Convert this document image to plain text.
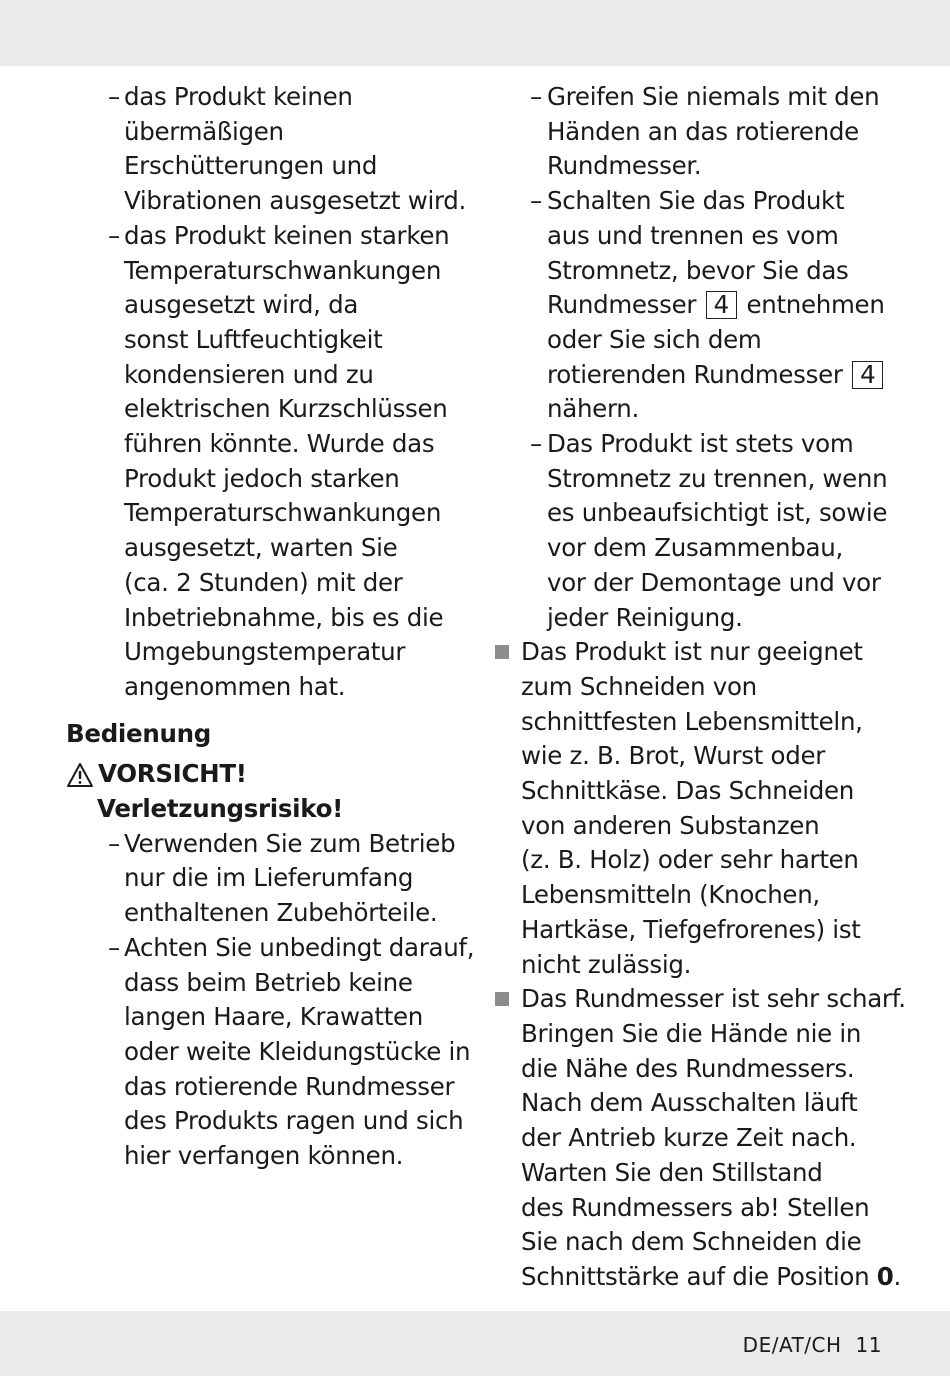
– das Produkt keinen
übermäßigen
Erschütterungen und
Vibrationen ausgesetzt wird.
– das Produkt keinen starken
Temperaturschwankungen
ausgesetzt wird, da
sonst Luftfeuchtigkeit
kondensieren und zu
elektrischen Kurzschlüssen
führen könnte. Wurde das
Produkt jedoch starken
Temperaturschwankungen
ausgesetzt, warten Sie
(ca. 2 Stunden) mit der
Inbetriebnahme, bis es die
Umgebungstemperatur
angenommen hat.
Bedienung
VORSICHT!
Verletzungsrisiko!
– Verwenden Sie zum Betrieb
nur die im Lieferumfang
enthaltenen Zubehörteile.
– Achten Sie unbedingt darauf,
dass beim Betrieb keine
langen Haare, Krawatten
oder weite Kleidungstücke in
das rotierende Rundmesser
des Produkts ragen und sich
hier verfangen können.
– Greifen Sie niemals mit den
Händen an das rotierende
Rundmesser.
– Schalten Sie das Produkt
aus und trennen es vom
Stromnetz, bevor Sie das
Rundmesser 4 entnehmen
oder Sie sich dem
rotierenden Rundmesser 4
nähern.
– Das Produkt ist stets vom
Stromnetz zu trennen, wenn
es unbeaufsichtigt ist, sowie
vor dem Zusammenbau,
vor der Demontage und vor
jeder Reinigung.
Das Produkt ist nur geeignet
zum Schneiden von
schnittfesten Lebensmitteln,
wie z. B. Brot, Wurst oder
Schnittkäse. Das Schneiden
von anderen Substanzen
(z. B. Holz) oder sehr harten
Lebensmitteln (Knochen,
Hartkäse, Tiefgefrorenes) ist
nicht zulässig.
Das Rundmesser ist sehr scharf.
Bringen Sie die Hände nie in
die Nähe des Rundmessers.
Nach dem Ausschalten läuft
der Antrieb kurze Zeit nach.
Warten Sie den Stillstand
des Rundmessers ab! Stellen
Sie nach dem Schneiden die
Schnittstärke auf die Position 0.
DE/AT/CH 11
